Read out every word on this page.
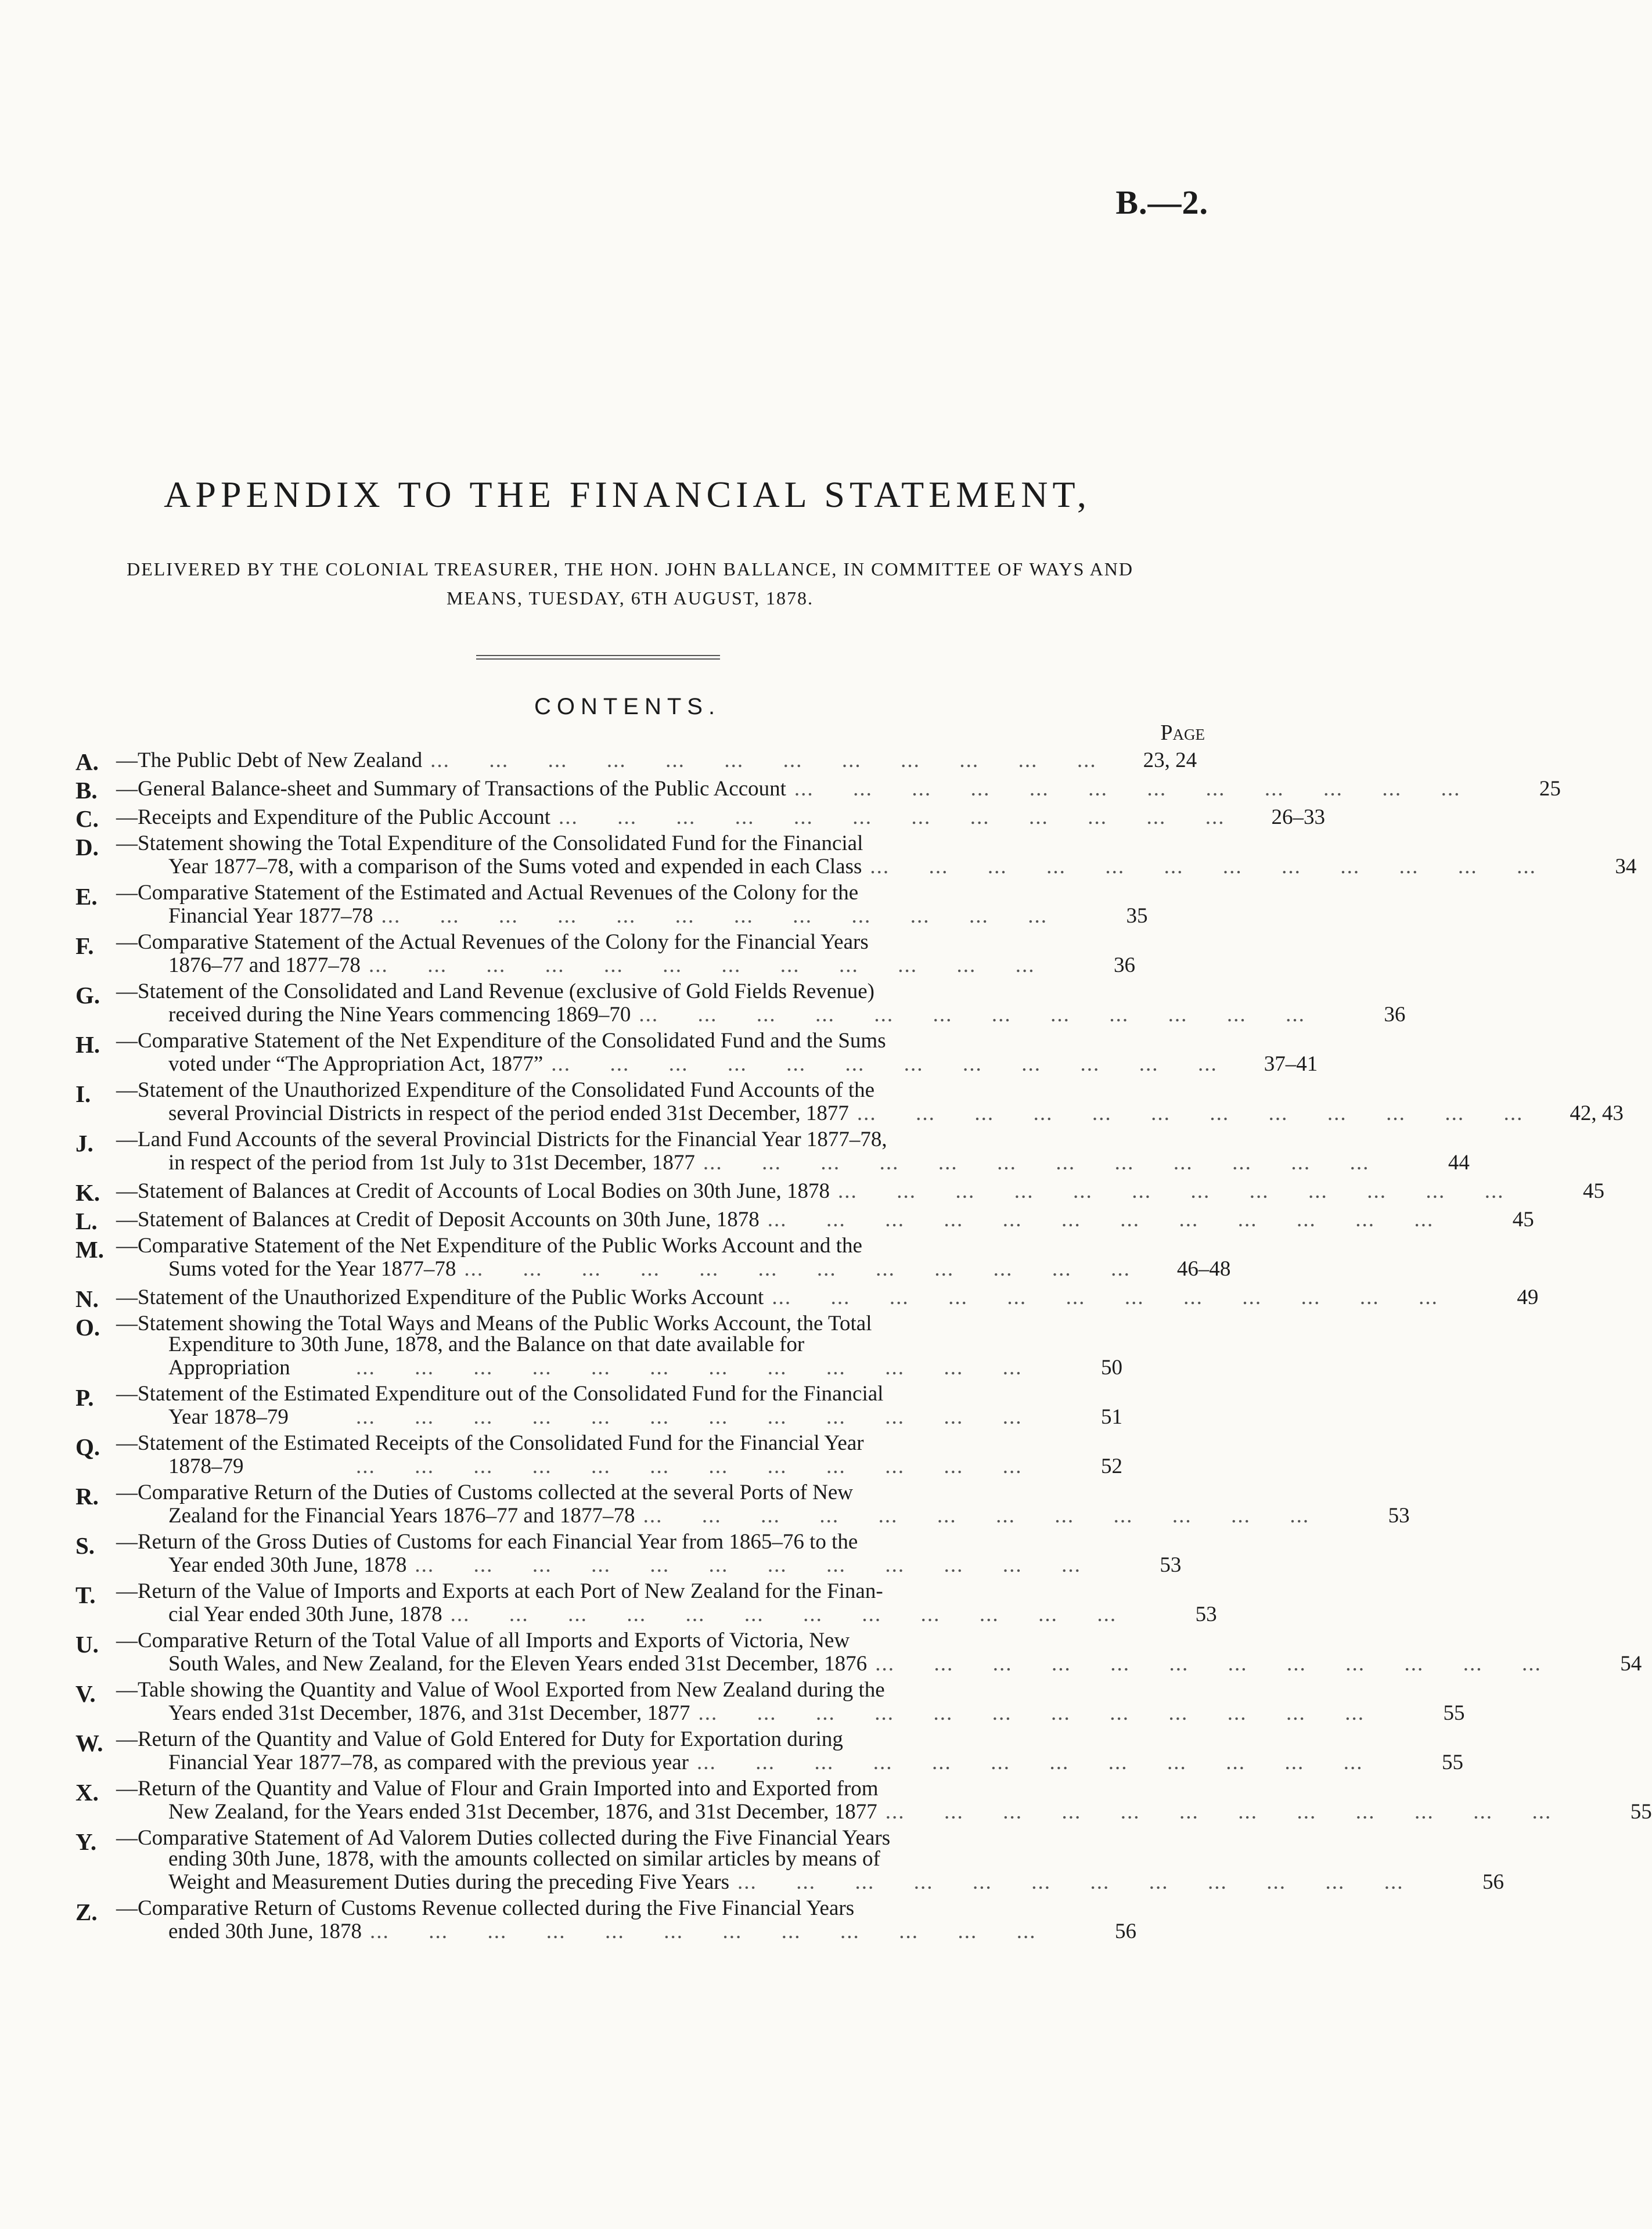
B.—2.
APPENDIX TO THE FINANCIAL STATEMENT,
DELIVERED BY THE COLONIAL TREASURER, THE HON. JOHN BALLANCE, IN COMMITTEE OF WAYS AND MEANS, TUESDAY, 6TH AUGUST, 1878.
CONTENTS.
Page
A. —The Public Debt of New Zealand ...      ...      ...      ...      ...      ...      ...      ...      ...      ...      ...      ...	23, 24
B. —General Balance-sheet and Summary of Transactions of the Public Account ...      ...      ...      ...      ...      ...      ...      ...      ...      ...      ...      ...	25
C. —Receipts and Expenditure of the Public Account ...      ...      ...      ...      ...      ...      ...      ...      ...      ...      ...      ...	26–33
D. —Statement showing the Total Expenditure of the Consolidated Fund for the Financial
Year 1877–78, with a comparison of the Sums voted and expended in each Class ...      ...      ...      ...      ...      ...      ...      ...      ...      ...      ...      ...	34
E. —Comparative Statement of the Estimated and Actual Revenues of the Colony for the
Financial Year 1877–78 ...      ...      ...      ...      ...      ...      ...      ...      ...      ...      ...      ...	35
F.	—Comparative Statement of the Actual Revenues of the Colony for the Financial Years
1876–77 and 1877–78 ...      ...      ...      ...      ...      ...      ...      ...      ...      ...      ...      ...	36
G. —Statement of the Consolidated and Land Revenue (exclusive of Gold Fields Revenue)
received during the Nine Years commencing 1869–70 ...      ...      ...      ...      ...      ...      ...      ...      ...      ...      ...      ...	36
H. —Comparative Statement of the Net Expenditure of the Consolidated Fund and the Sums
voted under “The Appropriation Act, 1877” ...      ...      ...      ...      ...      ...      ...      ...      ...      ...      ...      ...	37–41
I.	—Statement of the Unauthorized Expenditure of the Consolidated Fund Accounts of the
several Provincial Districts in respect of the period ended 31st December, 1877 ...      ...      ...      ...      ...      ...      ...      ...      ...      ...      ...      ...	42, 43
J.	—Land Fund Accounts of the several Provincial Districts for the Financial Year 1877–78,
in respect of the period from 1st July to 31st December, 1877 ...      ...      ...      ...      ...      ...      ...      ...      ...      ...      ...      ...	44
K. —Statement of Balances at Credit of Accounts of Local Bodies on 30th June, 1878 ...      ...      ...      ...      ...      ...      ...      ...      ...      ...      ...      ...	45
L. —Statement of Balances at Credit of Deposit Accounts on 30th June, 1878 ...      ...      ...      ...      ...      ...      ...      ...      ...      ...      ...      ...	45
M. —Comparative Statement of the Net Expenditure of the Public Works Account and the
Sums voted for the Year 1877–78 ...      ...      ...      ...      ...      ...      ...      ...      ...      ...      ...      ...	46–48
N. —Statement of the Unauthorized Expenditure of the Public Works Account ...      ...      ...      ...      ...      ...      ...      ...      ...      ...      ...      ...	49
O. —Statement showing the Total Ways and Means of the Public Works Account, the Total
Expenditure to 30th June, 1878, and the Balance on that date available for
Appropriation	...      ...      ...      ...      ...      ...      ...      ...      ...      ...      ...      ...	50
P.	—Statement of the Estimated Expenditure out of the Consolidated Fund for the Financial
Year 1878–79	...      ...      ...      ...      ...      ...      ...      ...      ...      ...      ...      ...	51
Q. —Statement of the Estimated Receipts of the Consolidated Fund for the Financial Year
1878–79	...      ...      ...      ...      ...      ...      ...      ...      ...      ...      ...      ...	52
R. —Comparative Return of the Duties of Customs collected at the several Ports of New
Zealand for the Financial Years 1876–77 and 1877–78 ...      ...      ...      ...      ...      ...      ...      ...      ...      ...      ...      ...	53
S. —Return of the Gross Duties of Customs for each Financial Year from 1865–76 to the
Year ended 30th June, 1878 ...      ...      ...      ...      ...      ...      ...      ...      ...      ...      ...      ...	53
T. —Return of the Value of Imports and Exports at each Port of New Zealand for the Finan-
cial Year ended 30th June, 1878 ...      ...      ...      ...      ...      ...      ...      ...      ...      ...      ...      ...	53
U. —Comparative Return of the Total Value of all Imports and Exports of Victoria, New
South Wales, and New Zealand, for the Eleven Years ended 31st December, 1876 ...      ...      ...      ...      ...      ...      ...      ...      ...      ...      ...      ...	54
V. —Table showing the Quantity and Value of Wool Exported from New Zealand during the
Years ended 31st December, 1876, and 31st December, 1877 ...      ...      ...      ...      ...      ...      ...      ...      ...      ...      ...      ...	55
W. —Return of the Quantity and Value of Gold Entered for Duty for Exportation during
Financial Year 1877–78, as compared with the previous year ...      ...      ...      ...      ...      ...      ...      ...      ...      ...      ...      ...	55
X. —Return of the Quantity and Value of Flour and Grain Imported into and Exported from
New Zealand, for the Years ended 31st December, 1876, and 31st December, 1877 ...      ...      ...      ...      ...      ...      ...      ...      ...      ...      ...      ...	55
Y. —Comparative Statement of Ad Valorem Duties collected during the Five Financial Years
ending 30th June, 1878, with the amounts collected on similar articles by means of
Weight and Measurement Duties during the preceding Five Years ...      ...      ...      ...      ...      ...      ...      ...      ...      ...      ...      ...	56
Z. —Comparative Return of Customs Revenue collected during the Five Financial Years
ended 30th June, 1878 ...      ...      ...      ...      ...      ...      ...      ...      ...      ...      ...      ...	56
